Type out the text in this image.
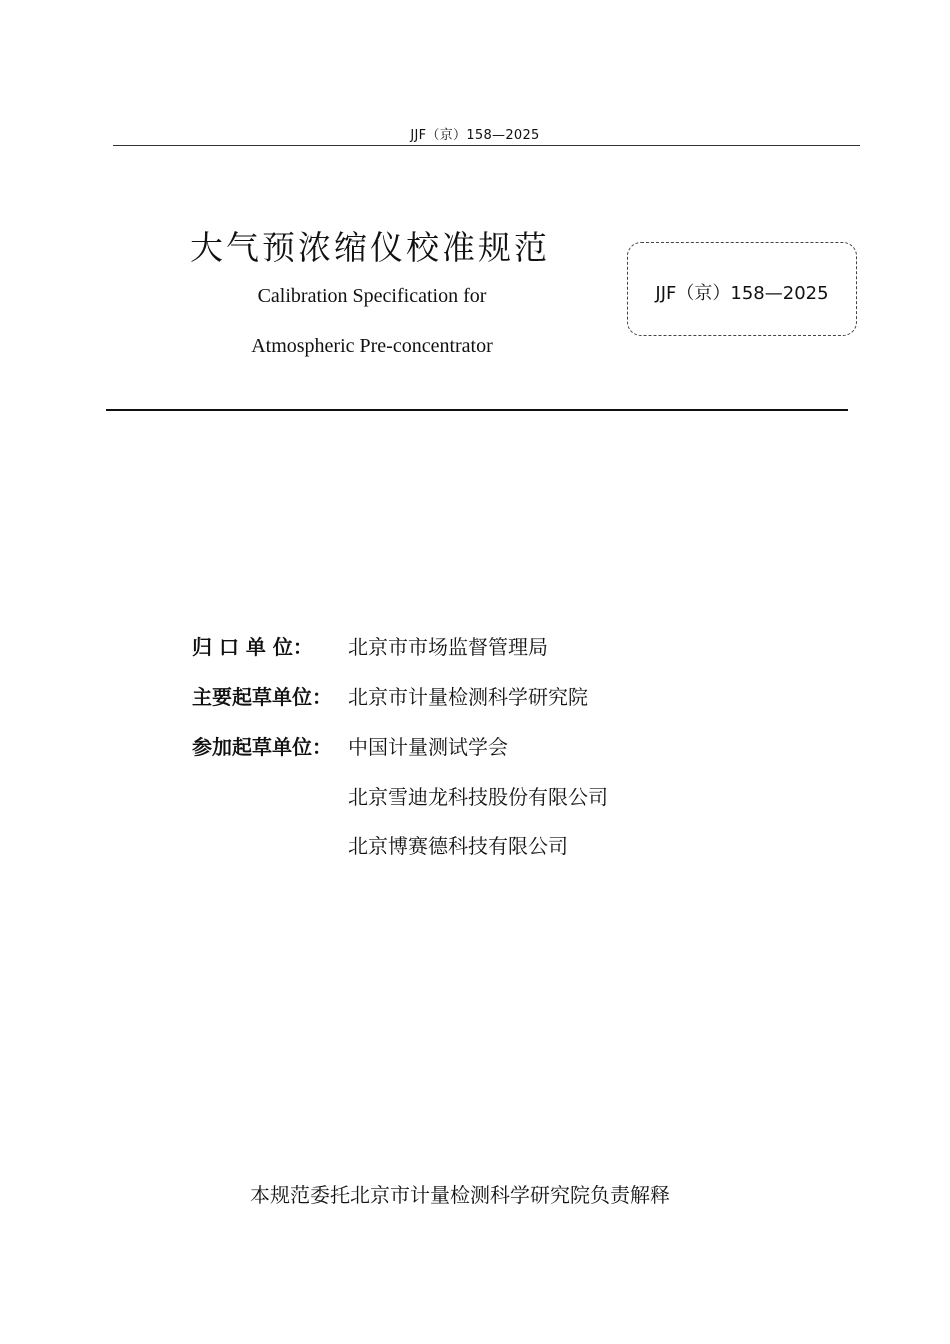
JJF（京）158—2025
大气预浓缩仪校准规范
Calibration Specification for
Atmospheric Pre-concentrator
JJF（京）158—2025
归 口 单 位： 北京市市场监督管理局
主要起草单位： 北京市计量检测科学研究院
参加起草单位： 中国计量测试学会
北京雪迪龙科技股份有限公司
北京博赛德科技有限公司
本规范委托北京市计量检测科学研究院负责解释
